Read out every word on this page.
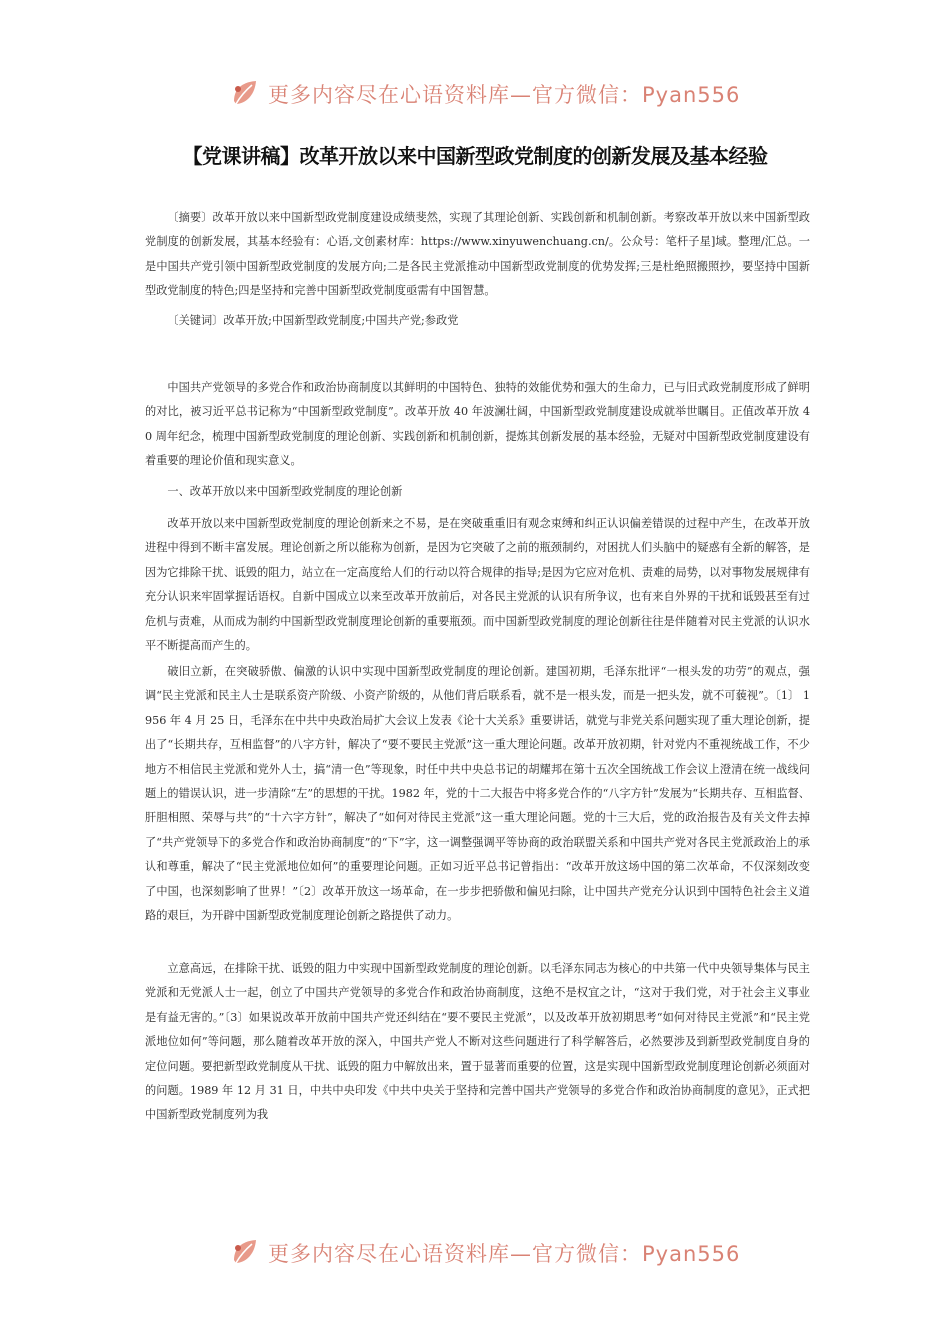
更多内容尽在心语资料库—官方微信：Pyan556
【党课讲稿】改革开放以来中国新型政党制度的创新发展及基本经验

〔摘要〕改革开放以来中国新型政党制度建设成绩斐然，实现了其理论创新、实践创新和机制创新。考察改革开放以来中国新型政党制度的创新发展，其基本经验有：心语,文创素材库：https://www.xinyuwenchuang.cn/。公众号：笔杆子星]域。整理/汇总。一是中国共产党引领中国新型政党制度的发展方向;二是各民主党派推动中国新型政党制度的优势发挥;三是杜绝照搬照抄，要坚持中国新型政党制度的特色;四是坚持和完善中国新型政党制度亟需有中国智慧。

〔关键词〕改革开放;中国新型政党制度;中国共产党;参政党

中国共产党领导的多党合作和政治协商制度以其鲜明的中国特色、独特的效能优势和强大的生命力，已与旧式政党制度形成了鲜明的对比，被习近平总书记称为“中国新型政党制度”。改革开放 40 年波澜壮阔，中国新型政党制度建设成就举世瞩目。正值改革开放 40 周年纪念，梳理中国新型政党制度的理论创新、实践创新和机制创新，提炼其创新发展的基本经验，无疑对中国新型政党制度建设有着重要的理论价值和现实意义。

一、改革开放以来中国新型政党制度的理论创新

改革开放以来中国新型政党制度的理论创新来之不易，是在突破重重旧有观念束缚和纠正认识偏差错误的过程中产生，在改革开放进程中得到不断丰富发展。理论创新之所以能称为创新，是因为它突破了之前的瓶颈制约，对困扰人们头脑中的疑惑有全新的解答，是因为它排除干扰、诋毁的阻力，站立在一定高度给人们的行动以符合规律的指导;是因为它应对危机、责难的局势，以对事物发展规律有充分认识来牢固掌握话语权。自新中国成立以来至改革开放前后，对各民主党派的认识有所争议，也有来自外界的干扰和诋毁甚至有过危机与责难，从而成为制约中国新型政党制度理论创新的重要瓶颈。而中国新型政党制度的理论创新往往是伴随着对民主党派的认识水平不断提高而产生的。

破旧立新，在突破骄傲、偏激的认识中实现中国新型政党制度的理论创新。建国初期，毛泽东批评“一根头发的功劳”的观点，强调“民主党派和民主人士是联系资产阶级、小资产阶级的，从他们背后联系看，就不是一根头发，而是一把头发，就不可藐视”。〔1〕 1956 年 4 月 25 日，毛泽东在中共中央政治局扩大会议上发表《论十大关系》重要讲话，就党与非党关系问题实现了重大理论创新，提出了“长期共存，互相监督”的八字方针，解决了“要不要民主党派”这一重大理论问题。改革开放初期，针对党内不重视统战工作，不少地方不相信民主党派和党外人士，搞“清一色”等现象，时任中共中央总书记的胡耀邦在第十五次全国统战工作会议上澄清在统一战线问题上的错误认识，进一步清除“左”的思想的干扰。1982 年，党的十二大报告中将多党合作的“八字方针”发展为“长期共存、互相监督、肝胆相照、荣辱与共”的“十六字方针”，解决了“如何对待民主党派”这一重大理论问题。党的十三大后，党的政治报告及有关文件去掉了“共产党领导下的多党合作和政治协商制度”的“下”字，这一调整强调平等协商的政治联盟关系和中国共产党对各民主党派政治上的承认和尊重，解决了“民主党派地位如何”的重要理论问题。正如习近平总书记曾指出：“改革开放这场中国的第二次革命，不仅深刻改变了中国，也深刻影响了世界！”〔2〕改革开放这一场革命，在一步步把骄傲和偏见扫除，让中国共产党充分认识到中国特色社会主义道路的艰巨，为开辟中国新型政党制度理论创新之路提供了动力。

立意高远，在排除干扰、诋毁的阻力中实现中国新型政党制度的理论创新。以毛泽东同志为核心的中共第一代中央领导集体与民主党派和无党派人士一起，创立了中国共产党领导的多党合作和政治协商制度，这绝不是权宜之计，“这对于我们党，对于社会主义事业是有益无害的。”〔3〕如果说改革开放前中国共产党还纠结在“要不要民主党派”，以及改革开放初期思考“如何对待民主党派”和“民主党派地位如何”等问题，那么随着改革开放的深入，中国共产党人不断对这些问题进行了科学解答后，必然要涉及到新型政党制度自身的定位问题。要把新型政党制度从干扰、诋毁的阻力中解放出来，置于显著而重要的位置，这是实现中国新型政党制度理论创新必须面对的问题。1989 年 12 月 31 日，中共中央印发《中共中央关于坚持和完善中国共产党领导的多党合作和政治协商制度的意见》，正式把中国新型政党制度列为我

更多内容尽在心语资料库—官方微信：Pyan556
